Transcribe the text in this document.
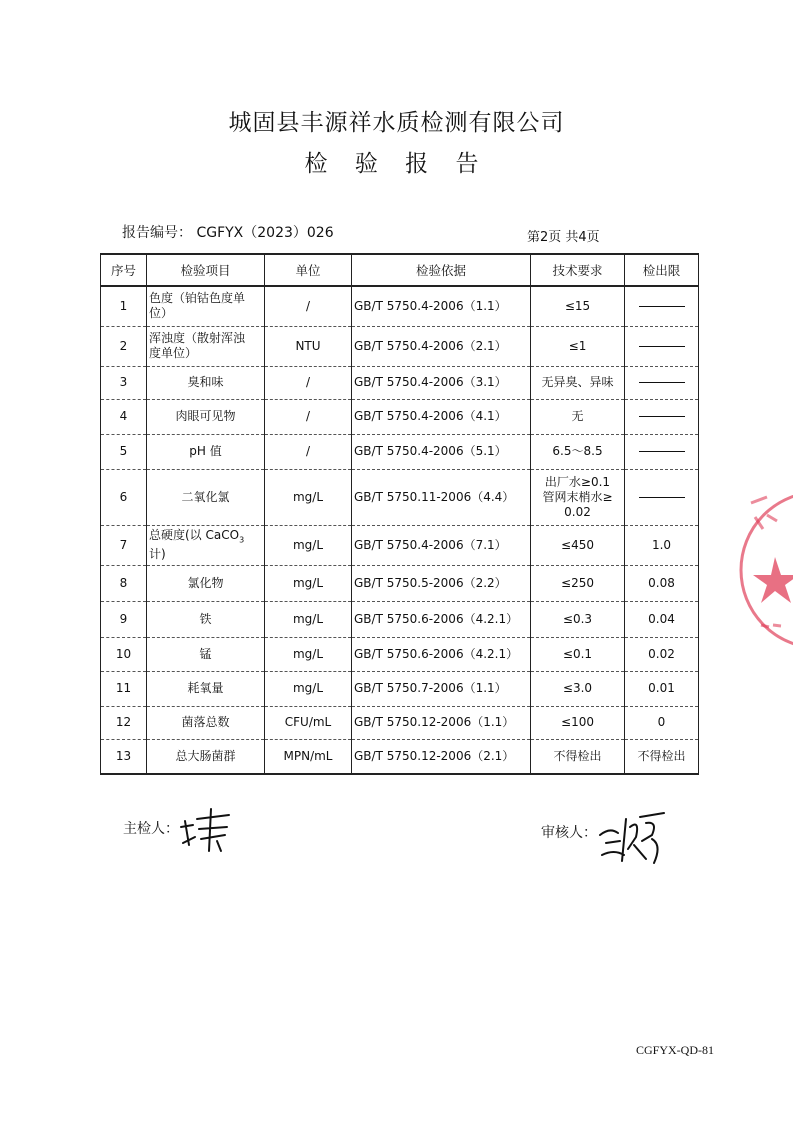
城固县丰源祥水质检测有限公司
检 验 报 告
报告编号： CGFYX（2023）026	第2页 共4页
序号	检验项目	单位	检验依据	技术要求	检出限
1	色度（铂钴色度单
位）	/	GB/T 5750.4-2006（1.1）	≤15	
2	浑浊度（散射浑浊
度单位）	NTU	GB/T 5750.4-2006（2.1）	≤1	
3	臭和味	/	GB/T 5750.4-2006（3.1）	无异臭、异味	
4	肉眼可见物	/	GB/T 5750.4-2006（4.1）	无	
5	pH 值	/	GB/T 5750.4-2006（5.1）	6.5～8.5	
6	二氧化氯	mg/L	GB/T 5750.11-2006（4.4）	出厂水≥0.1
管网末梢水≥
0.02	
7	总硬度(以 CaCO$_3$
计)	mg/L	GB/T 5750.4-2006（7.1）	≤450	1.0
8	氯化物	mg/L	GB/T 5750.5-2006（2.2）	≤250	0.08
9	铁	mg/L	GB/T 5750.6-2006（4.2.1）	≤0.3	0.04
10	锰	mg/L	GB/T 5750.6-2006（4.2.1）	≤0.1	0.02
11	耗氧量	mg/L	GB/T 5750.7-2006（1.1）	≤3.0	0.01
12	菌落总数	CFU/mL	GB/T 5750.12-2006（1.1）	≤100	0
13	总大肠菌群	MPN/mL	GB/T 5750.12-2006（2.1）	不得检出	不得检出
主检人：	审核人：
CGFYX-QD-81
